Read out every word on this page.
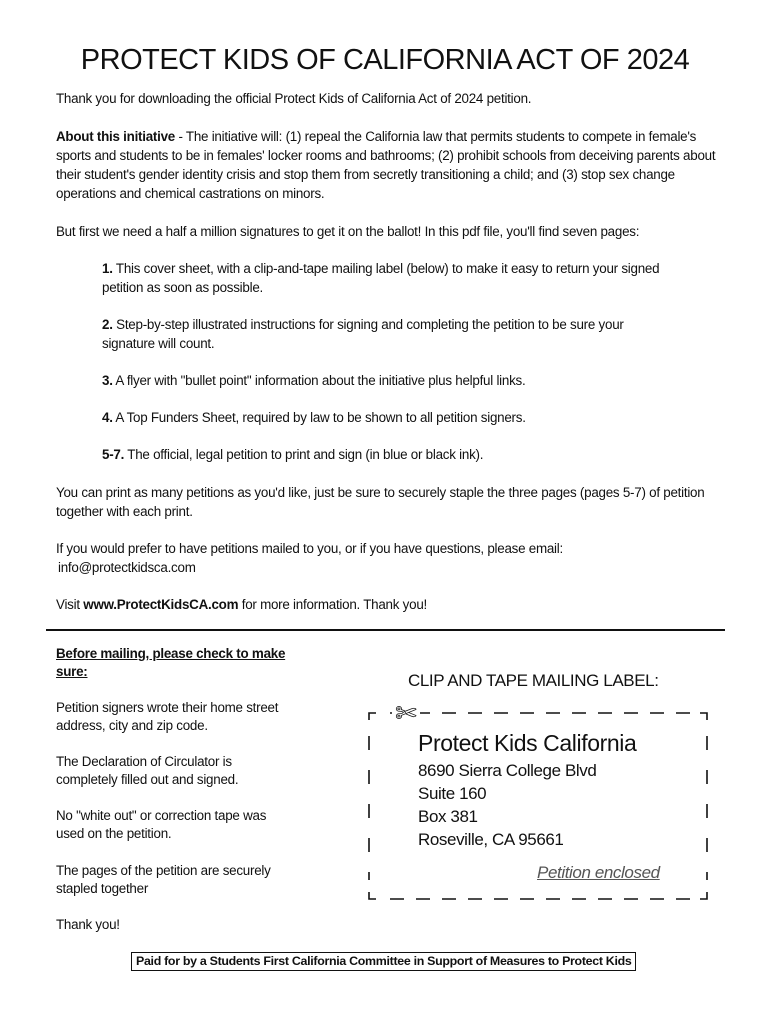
PROTECT KIDS OF CALIFORNIA ACT OF 2024

Thank you for downloading the official Protect Kids of California Act of 2024 petition.

About this initiative - The initiative will: (1) repeal the California law that permits students to compete in female's sports and students to be in females' locker rooms and bathrooms; (2) prohibit schools from deceiving parents about their student's gender identity crisis and stop them from secretly transitioning a child; and (3) stop sex change operations and chemical castrations on minors.

But first we need a half a million signatures to get it on the ballot! In this pdf file, you'll find seven pages:

1. This cover sheet, with a clip-and-tape mailing label (below) to make it easy to return your signed petition as soon as possible.

2. Step-by-step illustrated instructions for signing and completing the petition to be sure your signature will count.

3. A flyer with "bullet point" information about the initiative plus helpful links.

4. A Top Funders Sheet, required by law to be shown to all petition signers.

5-7. The official, legal petition to print and sign (in blue or black ink).

You can print as many petitions as you'd like, just be sure to securely staple the three pages (pages 5-7) of petition together with each print.

If you would prefer to have petitions mailed to you, or if you have questions, please email:

info@protectkidsca.com

Visit www.ProtectKidsCA.com for more information. Thank you!

Before mailing, please check to make sure:
Petition signers wrote their home street address, city and zip code.
The Declaration of Circulator is completely filled out and signed.
No "white out" or correction tape was used on the petition.
The pages of the petition are securely stapled together
Thank you!
CLIP AND TAPE MAILING LABEL:
✄
Protect Kids California
8690 Sierra College Blvd
Suite 160
Box 381
Roseville, CA 95661
Petition enclosed
Paid for by a Students First California Committee in Support of Measures to Protect Kids
